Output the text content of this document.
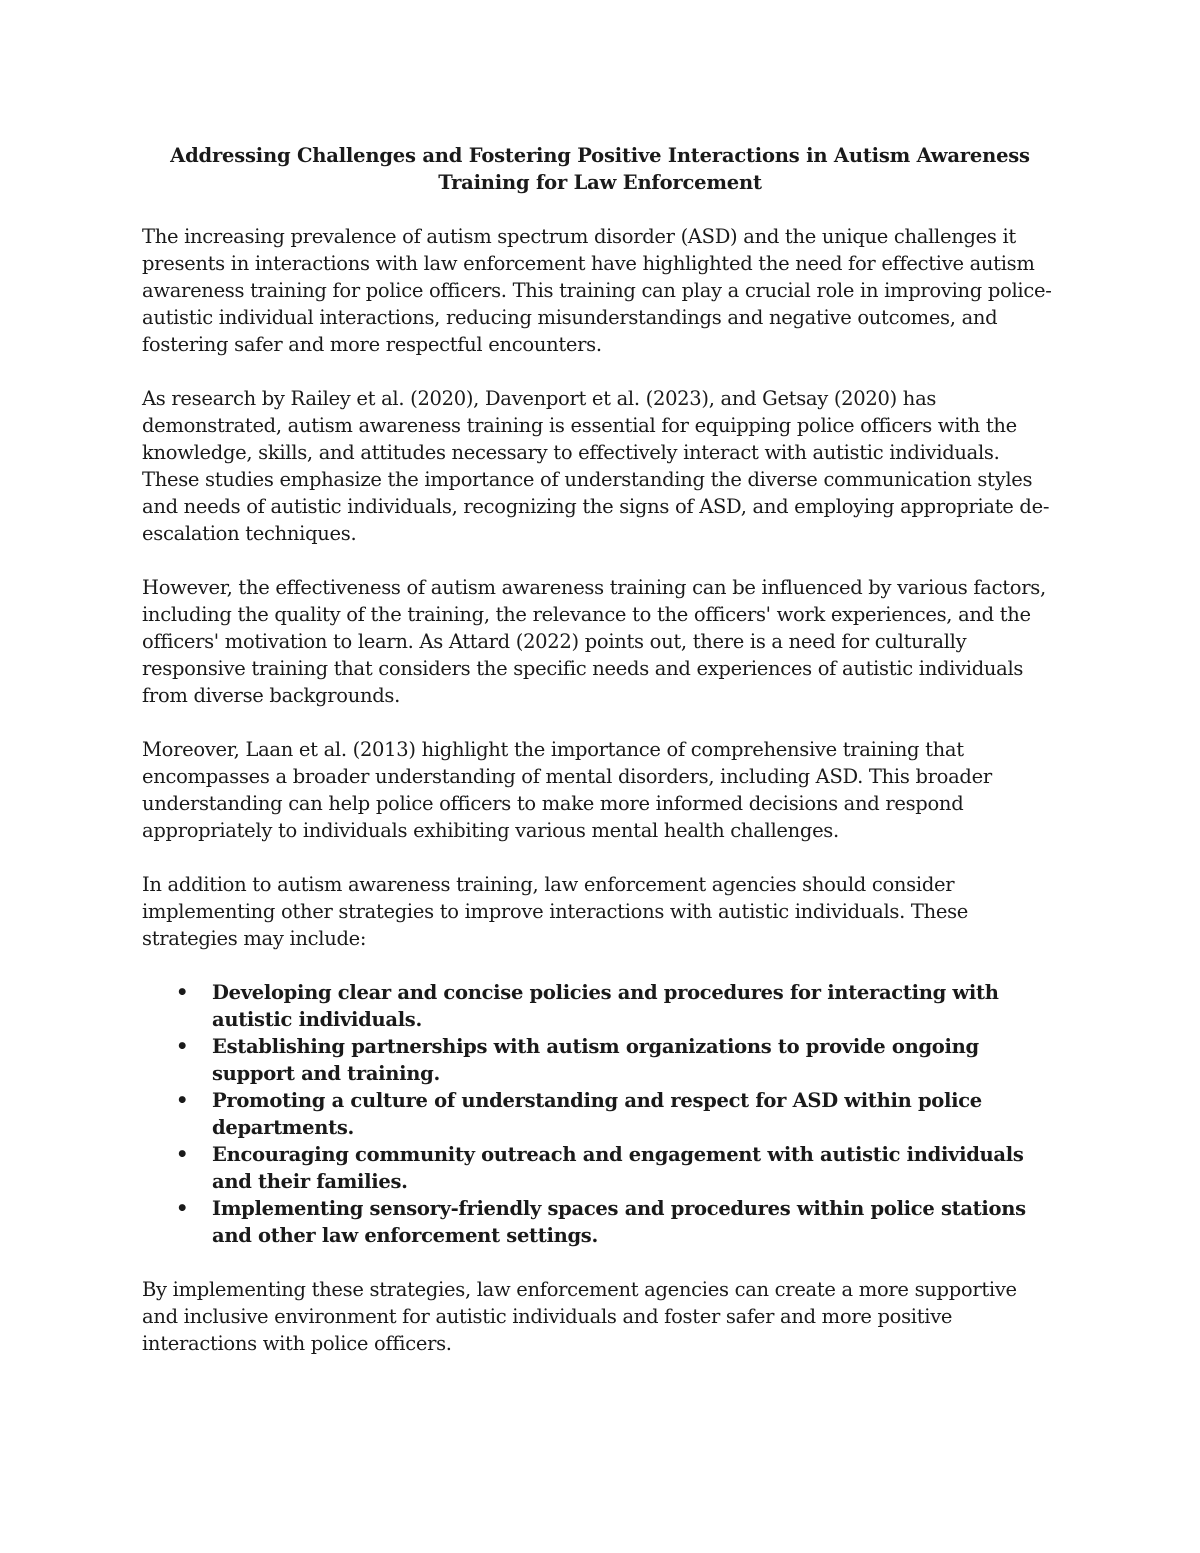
Addressing Challenges and Fostering Positive Interactions in Autism Awareness Training for Law Enforcement

The increasing prevalence of autism spectrum disorder (ASD) and the unique challenges it presents in interactions with law enforcement have highlighted the need for effective autism awareness training for police officers. This training can play a crucial role in improving police-autistic individual interactions, reducing misunderstandings and negative outcomes, and fostering safer and more respectful encounters.

As research by Railey et al. (2020), Davenport et al. (2023), and Getsay (2020) has demonstrated, autism awareness training is essential for equipping police officers with the knowledge, skills, and attitudes necessary to effectively interact with autistic individuals. These studies emphasize the importance of understanding the diverse communication styles and needs of autistic individuals, recognizing the signs of ASD, and employing appropriate de-escalation techniques.

However, the effectiveness of autism awareness training can be influenced by various factors, including the quality of the training, the relevance to the officers' work experiences, and the officers' motivation to learn. As Attard (2022) points out, there is a need for culturally responsive training that considers the specific needs and experiences of autistic individuals from diverse backgrounds.

Moreover, Laan et al. (2013) highlight the importance of comprehensive training that encompasses a broader understanding of mental disorders, including ASD. This broader understanding can help police officers to make more informed decisions and respond appropriately to individuals exhibiting various mental health challenges.

In addition to autism awareness training, law enforcement agencies should consider implementing other strategies to improve interactions with autistic individuals. These strategies may include:

• Developing clear and concise policies and procedures for interacting with autistic individuals.
• Establishing partnerships with autism organizations to provide ongoing support and training.
• Promoting a culture of understanding and respect for ASD within police departments.
• Encouraging community outreach and engagement with autistic individuals and their families.
• Implementing sensory-friendly spaces and procedures within police stations and other law enforcement settings.

By implementing these strategies, law enforcement agencies can create a more supportive and inclusive environment for autistic individuals and foster safer and more positive interactions with police officers.
